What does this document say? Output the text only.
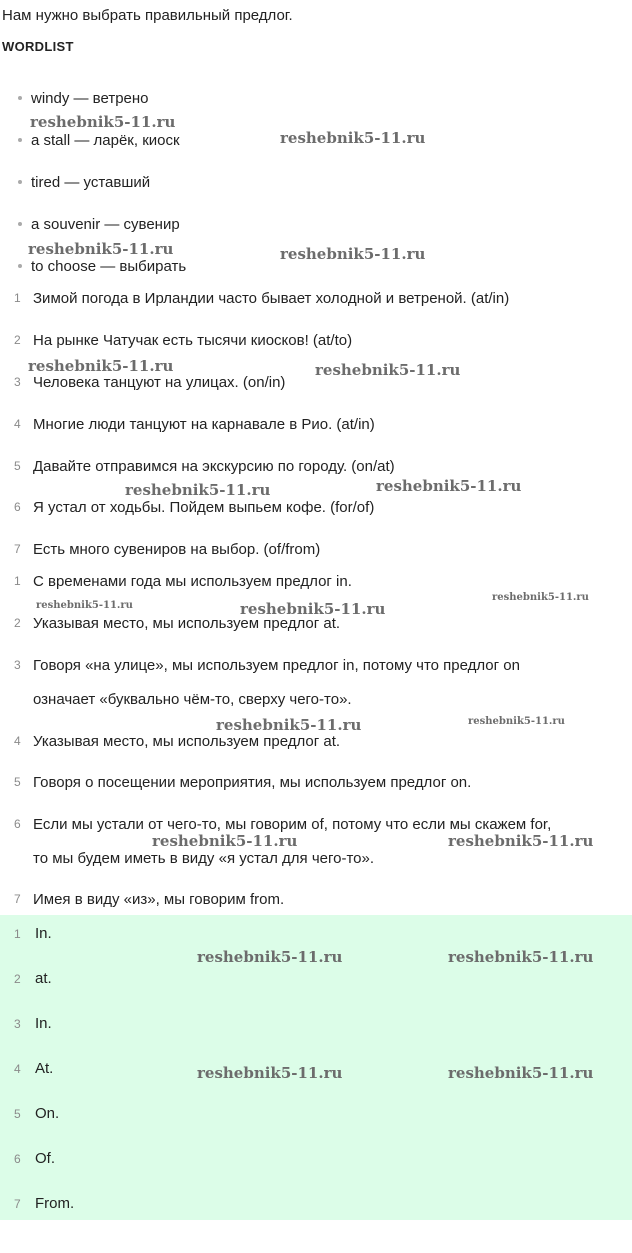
Нам нужно выбрать правильный предлог.
WORDLIST
windy — ветрено
a stall — ларёк, киоск
tired — уставший
a souvenir — сувенир
to choose — выбирать
1 Зимой погода в Ирландии часто бывает холодной и ветреной. (at/in)
2 На рынке Чатучак есть тысячи киосков! (at/to)
3 Человека танцуют на улицах. (on/in)
4 Многие люди танцуют на карнавале в Рио. (at/in)
5 Давайте отправимся на экскурсию по городу. (on/at)
6 Я устал от ходьбы. Пойдем выпьем кофе. (for/of)
7 Есть много сувениров на выбор. (of/from)
1 С временами года мы используем предлог in.
2 Указывая место, мы используем предлог at.
3 Говоря «на улице», мы используем предлог in, потому что предлог on
означает «буквально чём-то, сверху чего-то».
4 Указывая место, мы используем предлог at.
5 Говоря о посещении мероприятия, мы используем предлог on.
6 Если мы устали от чего-то, мы говорим of, потому что если мы скажем for,
то мы будем иметь в виду «я устал для чего-то».
7 Имея в виду «из», мы говорим from.
1 In.
2 at.
3 In.
4 At.
5 On.
6 Of.
7 From.
reshebnik5-11.ru
reshebnik5-11.ru
reshebnik5-11.ru	reshebnik5-11.ru
reshebnik5-11.ru	reshebnik5-11.ru
reshebnik5-11.ru	reshebnik5-11.ru
reshebnik5-11.ru	reshebnik5-11.ru
reshebnik5-11.ru
reshebnik5-11.ru	reshebnik5-11.ru
reshebnik5-11.ru	reshebnik5-11.ru
reshebnik5-11.ru	reshebnik5-11.ru
reshebnik5-11.ru	reshebnik5-11.ru
